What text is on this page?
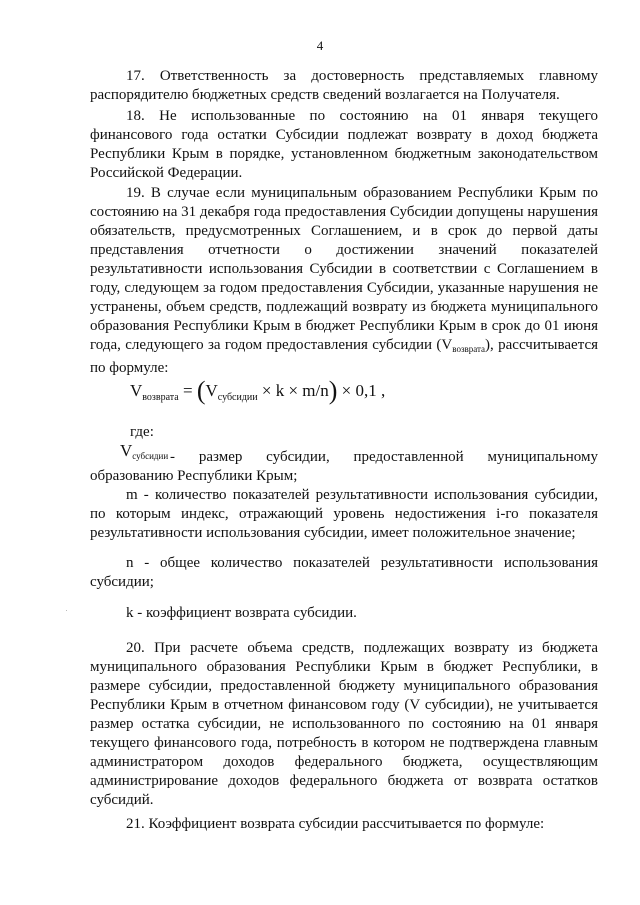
4
17. Ответственность за достоверность представляемых главному распорядителю бюджетных средств сведений возлагается на Получателя.
18. Не использованные по состоянию на 01 января текущего финансового года остатки Субсидии подлежат возврату в доход бюджета Республики Крым в порядке, установленном бюджетным законодательством Российской Федерации.
19. В случае если муниципальным образованием Республики Крым по состоянию на 31 декабря года предоставления Субсидии допущены нарушения обязательств, предусмотренных Соглашением, и в срок до первой даты представления отчетности о достижении значений показателей результативности использования Субсидии в соответствии с Соглашением в году, следующем за годом предоставления Субсидии, указанные нарушения не устранены, объем средств, подлежащий возврату из бюджета муниципального образования Республики Крым в бюджет Республики Крым в срок до 01 июня года, следующего за годом предоставления субсидии $(V_{возврата})$, рассчитывается по формуле:
$V_{возврата} = (V_{субсидии} \times k \times m/n) \times 0,1$ ,
где:
$V_{субсидии}$ - размер субсидии, предоставленной муниципальному образованию Республики Крым;
m - количество показателей результативности использования субсидии, по которым индекс, отражающий уровень недостижения i-го показателя результативности использования субсидии, имеет положительное значение;
n - общее количество показателей результативности использования субсидии;
k - коэффициент возврата субсидии.
20. При расчете объема средств, подлежащих возврату из бюджета муниципального образования Республики Крым в бюджет Республики, в размере субсидии, предоставленной бюджету муниципального образования Республики Крым в отчетном финансовом году (V субсидии), не учитывается размер остатка субсидии, не использованного по состоянию на 01 января текущего финансового года, потребность в котором не подтверждена главным администратором доходов федерального бюджета, осуществляющим администрирование доходов федерального бюджета от возврата остатков субсидий.
21. Коэффициент возврата субсидии рассчитывается по формуле:
